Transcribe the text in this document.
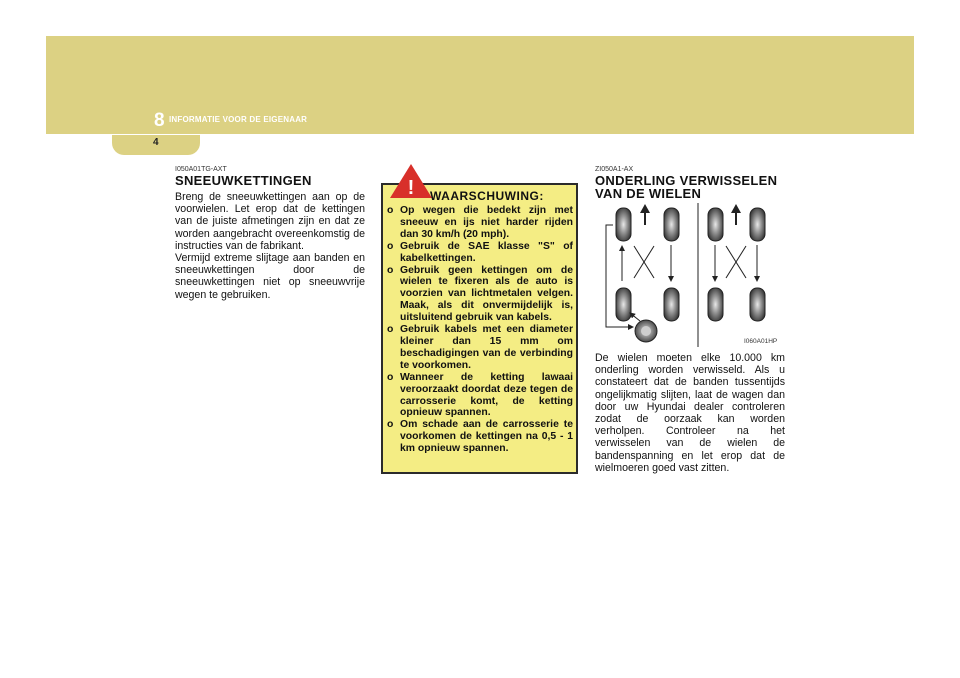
8 INFORMATIE VOOR DE EIGENAAR
4
I050A01TG-AXT
SNEEUWKETTINGEN

Breng de sneeuwkettingen aan op de voorwielen. Let erop dat de kettingen van de juiste afmetingen zijn en dat ze worden aangebracht overeenkomstig de instructies van de fabrikant.

Vermijd extreme slijtage aan banden en sneeuwkettingen door de sneeuwkettingen niet op sneeuwvrije wegen te gebruiken.

! WAARSCHUWING:
o Op wegen die bedekt zijn met sneeuw en ijs niet harder rijden dan 30 km/h (20 mph).
o Gebruik de SAE klasse "S" of kabelkettingen.
o Gebruik geen kettingen om de wielen te fixeren als de auto is voorzien van lichtmetalen velgen. Maak, als dit onvermijdelijk is, uitsluitend gebruik van kabels.
o Gebruik kabels met een diameter kleiner dan 15 mm om beschadigingen van de verbinding te voorkomen.
o Wanneer de ketting lawaai veroorzaakt doordat deze tegen de carrosserie komt, de ketting opnieuw spannen.
o Om schade aan de carrosserie te voorkomen de kettingen na 0,5 - 1 km opnieuw spannen.
ZI050A1-AX
ONDERLING VERWISSELEN
VAN DE WIELEN
I060A01HP
De wielen moeten elke 10.000 km onderling worden verwisseld. Als u constateert dat de banden tussentijds ongelijkmatig slijten, laat de wagen dan door uw Hyundai dealer controleren zodat de oorzaak kan worden verholpen. Controleer na het verwisselen van de wielen de bandenspanning en let erop dat de wielmoeren goed vast zitten.
